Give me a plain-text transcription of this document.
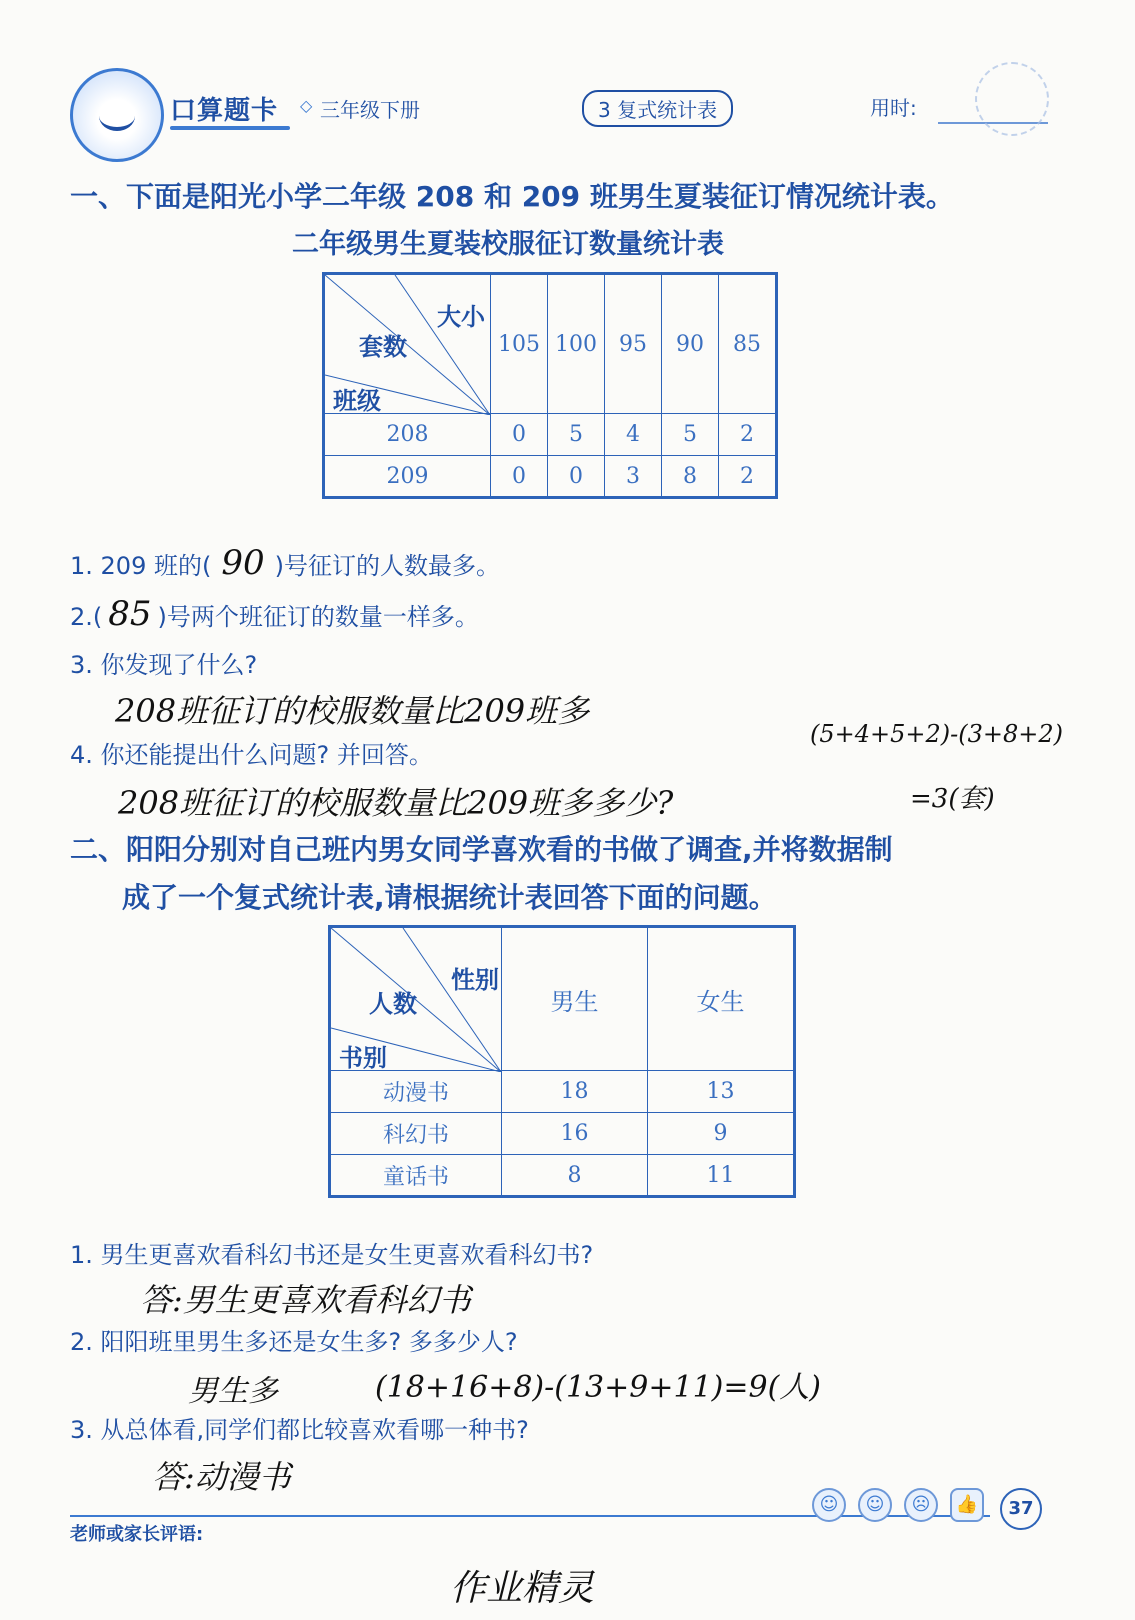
口算题卡 ◇ 三年级下册	3 复式统计表	用时:
一、下面是阳光小学二年级 208 和 209 班男生夏装征订情况统计表。
二年级男生夏装校服征订数量统计表
大小
套数
班级	105	100	95	90	85
208	0	5	4	5	2
209	0	0	3	8	2
1. 209 班的( 90 )号征订的人数最多。
2.( 85 )号两个班征订的数量一样多。
3. 你发现了什么?
208班征订的校服数量比209班多
4. 你还能提出什么问题? 并回答。
(5+4+5+2)-(3+8+2)
208班征订的校服数量比209班多多少?	=3(套)
二、阳阳分别对自己班内男女同学喜欢看的书做了调查,并将数据制
成了一个复式统计表,请根据统计表回答下面的问题。
性别
人数
书别	男生	女生
动漫书	18	13
科幻书	16	9
童话书	8	11
1. 男生更喜欢看科幻书还是女生更喜欢看科幻书?
答:男生更喜欢看科幻书
2. 阳阳班里男生多还是女生多? 多多少人?
男生多	(18+16+8)-(13+9+11)=9(人)
3. 从总体看,同学们都比较喜欢看哪一种书?
答:动漫书
老师或家长评语:
☺	☺	☹	👍	37
作业精灵
